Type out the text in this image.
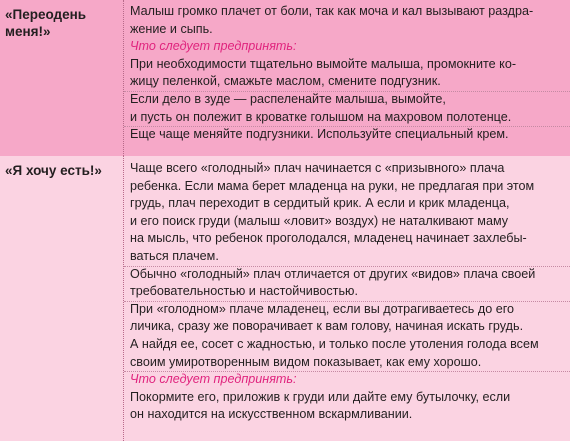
«Переодень
меня!»
Малыш громко плачет от боли, так как моча и кал вызывают раздра-
жение и сыпь.
Что следует предпринять:
При необходимости тщательно вымойте малыша, промокните ко-
жицу пеленкой, смажьте маслом, смените подгузник.
Если дело в зуде — распеленайте малыша, вымойте,
и пусть он полежит в кроватке голышом на махровом полотенце.
Еще чаще меняйте подгузники. Используйте специальный крем.
«Я хочу есть!»	Чаще всего «голодный» плач начинается с «призывного» плача
ребенка. Если мама берет младенца на руки, не предлагая при этом
грудь, плач переходит в сердитый крик. А если и крик младенца,
и его поиск груди (малыш «ловит» воздух) не наталкивают маму
на мысль, что ребенок проголодался, младенец начинает захлебы-
ваться плачем.
Обычно «голодный» плач отличается от других «видов» плача своей
требовательностью и настойчивостью.
При «голодном» плаче младенец, если вы дотрагиваетесь до его
личика, сразу же поворачивает к вам голову, начиная искать грудь.
А найдя ее, сосет с жадностью, и только после утоления голода всем
своим умиротворенным видом показывает, как ему хорошо.
Что следует предпринять:
Покормите его, приложив к груди или дайте ему бутылочку, если
он находится на искусственном вскармливании.
